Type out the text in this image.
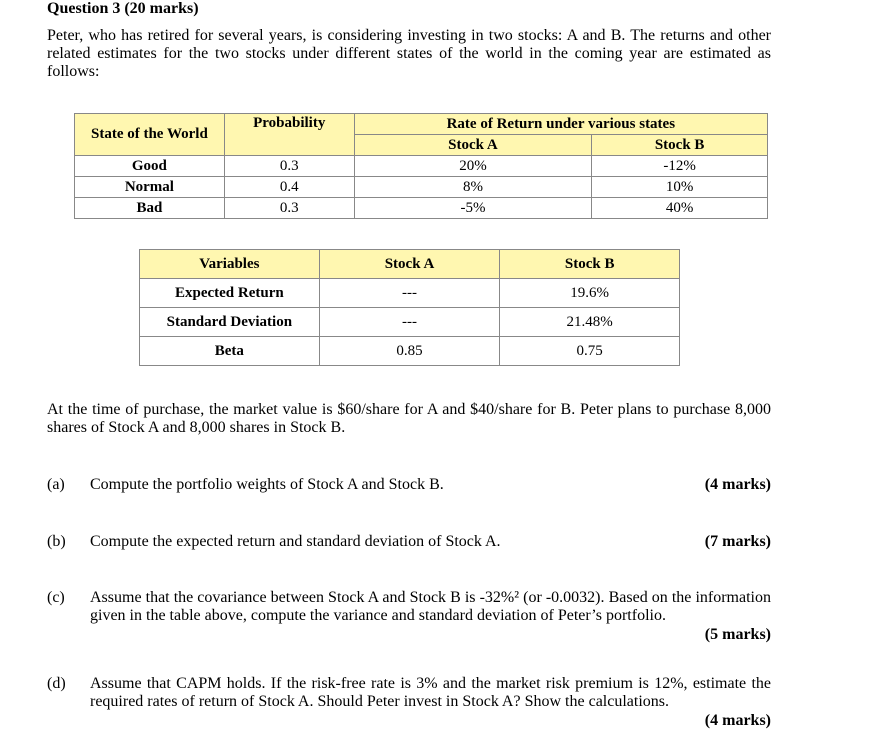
Question 3 (20 marks)
Peter, who has retired for several years, is considering investing in two stocks: A and B. The returns and other related estimates for the two stocks under different states of the world in the coming year are estimated as follows:
State of the World	Probability	Rate of Return under various states	
		Stock A	Stock B
Good	0.3	20%	-12%
Normal	0.4	8%	10%
Bad	0.3	-5%	40%
Variables	Stock A	Stock B
Expected Return	---	19.6%
Standard Deviation	---	21.48%
Beta	0.85	0.75
At the time of purchase, the market value is $60/share for A and $40/share for B. Peter plans to purchase 8,000 shares of Stock A and 8,000 shares in Stock B.
(a) Compute the portfolio weights of Stock A and Stock B.	(4 marks)
(b) Compute the expected return and standard deviation of Stock A.	(7 marks)
(c) Assume that the covariance between Stock A and Stock B is -32%² (or -0.0032). Based on the information given in the table above, compute the variance and standard deviation of Peter’s portfolio.
(5 marks)
(d) Assume that CAPM holds. If the risk-free rate is 3% and the market risk premium is 12%, estimate the required rates of return of Stock A. Should Peter invest in Stock A? Show the calculations.
(4 marks)
